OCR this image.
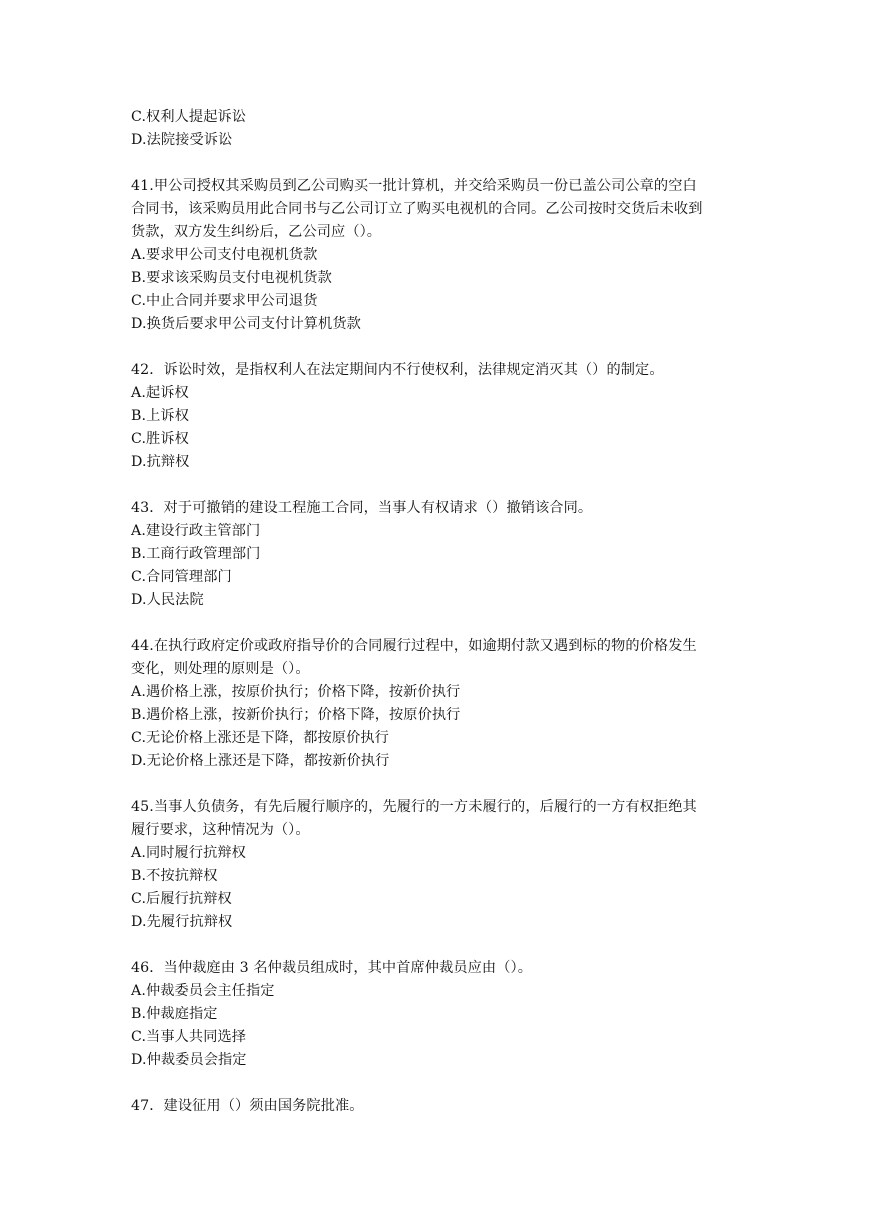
C.权利人提起诉讼
D.法院接受诉讼
41.甲公司授权其采购员到乙公司购买一批计算机，并交给采购员一份已盖公司公章的空白
合同书，该采购员用此合同书与乙公司订立了购买电视机的合同。乙公司按时交货后未收到
货款，双方发生纠纷后，乙公司应（）。
A.要求甲公司支付电视机货款
B.要求该采购员支付电视机货款
C.中止合同并要求甲公司退货
D.换货后要求甲公司支付计算机货款
42．诉讼时效，是指权利人在法定期间内不行使权利，法律规定消灭其（）的制定。
A.起诉权
B.上诉权
C.胜诉权
D.抗辩权
43．对于可撤销的建设工程施工合同，当事人有权请求（）撤销该合同。
A.建设行政主管部门
B.工商行政管理部门
C.合同管理部门
D.人民法院
44.在执行政府定价或政府指导价的合同履行过程中，如逾期付款又遇到标的物的价格发生
变化，则处理的原则是（）。
A.遇价格上涨，按原价执行；价格下降，按新价执行
B.遇价格上涨，按新价执行；价格下降，按原价执行
C.无论价格上涨还是下降，都按原价执行
D.无论价格上涨还是下降，都按新价执行
45.当事人负债务，有先后履行顺序的，先履行的一方未履行的，后履行的一方有权拒绝其
履行要求，这种情况为（）。
A.同时履行抗辩权
B.不按抗辩权
C.后履行抗辩权
D.先履行抗辩权
46．当仲裁庭由 3 名仲裁员组成时，其中首席仲裁员应由（）。
A.仲裁委员会主任指定
B.仲裁庭指定
C.当事人共同选择
D.仲裁委员会指定
47．建设征用（）须由国务院批准。
